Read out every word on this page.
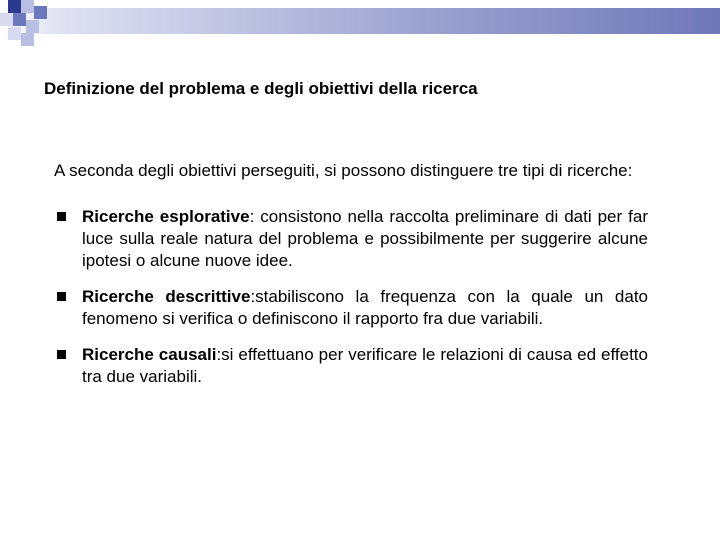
Definizione del problema e degli obiettivi della ricerca

A seconda degli obiettivi perseguiti, si possono distinguere tre tipi di ricerche:

Ricerche esplorative: consistono nella raccolta preliminare di dati per far luce sulla reale natura del problema e possibilmente per suggerire alcune ipotesi o alcune nuove idee.
Ricerche descrittive:stabiliscono la frequenza con la quale un dato fenomeno si verifica o definiscono il rapporto fra due variabili.
Ricerche causali:si effettuano per verificare le relazioni di causa ed effetto tra due variabili.
